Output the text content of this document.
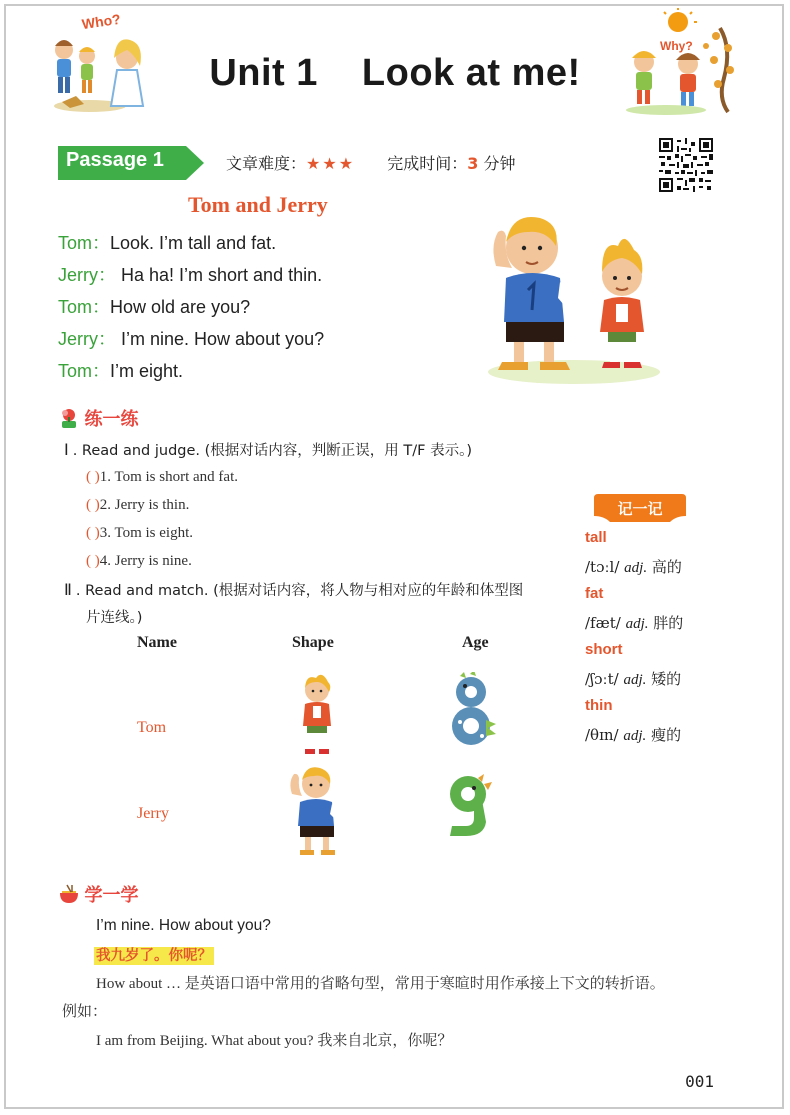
Who?
Why?
Unit 1 Look at me!
Passage 1	文章难度：★★★ 完成时间：3 分钟
Tom and Jerry
Tom：Look. I’m tall and fat.
Jerry： Ha ha! I’m short and thin.
Tom：How old are you?
Jerry： I’m nine. How about you?
Tom：I’m eight.
练一练
Ⅰ . Read and judge. (根据对话内容，判断正误，用 T/F 表示。)
( )1. Tom is short and fat.
( )2. Jerry is thin.
( )3. Tom is eight.
( )4. Jerry is nine.
Ⅱ . Read and match. (根据对话内容，将人物与相对应的年龄和体型图
片连线。)
Name	Shape	Age
Tom
Jerry
记一记
tall
/tɔːl/ adj. 高的
fat
/fæt/ adj. 胖的
short
/ʃɔːt/ adj. 矮的
thin
/θɪn/ adj. 瘦的
学一学
I’m nine. How about you?
我九岁了。你呢？
How about … 是英语口语中常用的省略句型，常用于寒暄时用作承接上下文的转折语。
例如：
I am from Beijing. What about you? 我来自北京，你呢？
001
